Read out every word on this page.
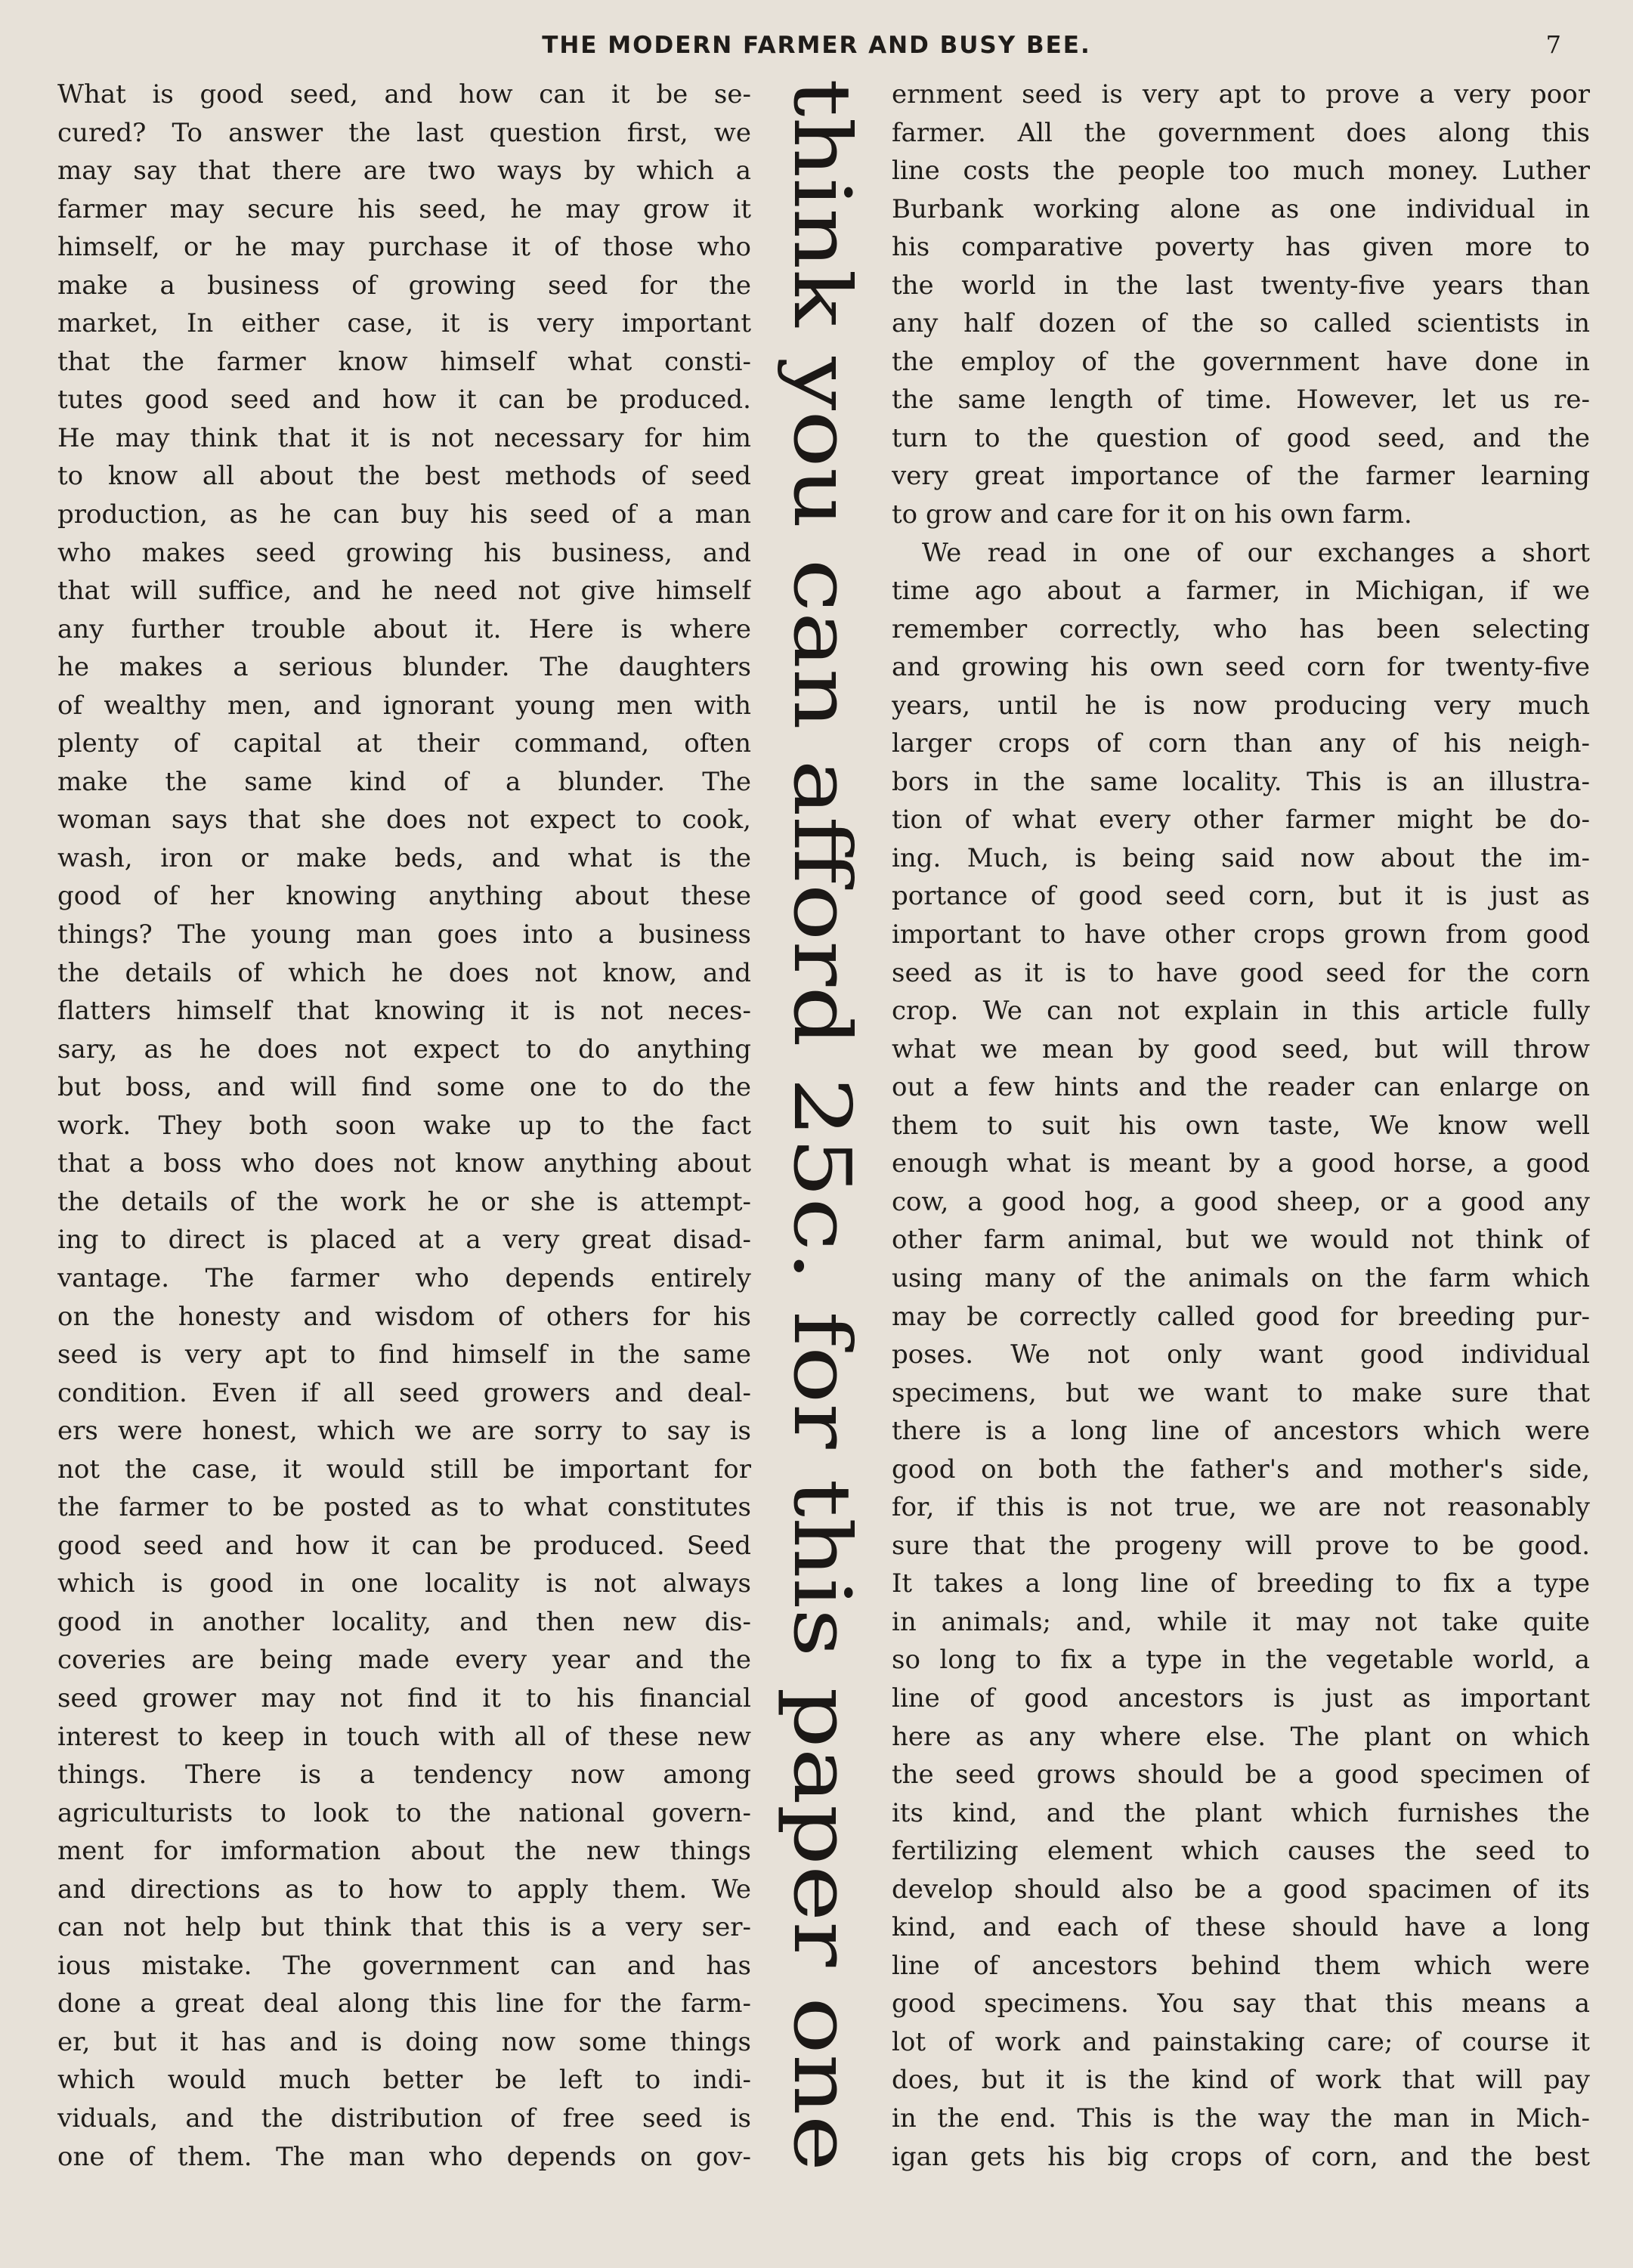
THE MODERN FARMER AND BUSY BEE.	7
What is good seed, and how can it be se-
cured? To answer the last question first, we
may say that there are two ways by which a
farmer may secure his seed, he may grow it
himself, or he may purchase it of those who
make a business of growing seed for the
market, In either case, it is very important
that the farmer know himself what consti-
tutes good seed and how it can be produced.
He may think that it is not necessary for him
to know all about the best methods of seed
production, as he can buy his seed of a man
who makes seed growing his business, and
that will suffice, and he need not give himself
any further trouble about it. Here is where
he makes a serious blunder. The daughters
of wealthy men, and ignorant young men with
plenty of capital at their command, often
make the same kind of a blunder. The
woman says that she does not expect to cook,
wash, iron or make beds, and what is the
good of her knowing anything about these
things? The young man goes into a business
the details of which he does not know, and
flatters himself that knowing it is not neces-
sary, as he does not expect to do anything
but boss, and will find some one to do the
work. They both soon wake up to the fact
that a boss who does not know anything about
the details of the work he or she is attempt-
ing to direct is placed at a very great disad-
vantage. The farmer who depends entirely
on the honesty and wisdom of others for his
seed is very apt to find himself in the same
condition. Even if all seed growers and deal-
ers were honest, which we are sorry to say is
not the case, it would still be important for
the farmer to be posted as to what constitutes
good seed and how it can be produced. Seed
which is good in one locality is not always
good in another locality, and then new dis-
coveries are being made every year and the
seed grower may not find it to his financial
interest to keep in touch with all of these new
things. There is a tendency now among
agriculturists to look to the national govern-
ment for imformation about the new things
and directions as to how to apply them. We
can not help but think that this is a very ser-
ious mistake. The government can and has
done a great deal along this line for the farm-
er, but it has and is doing now some things
which would much better be left to indi-
viduals, and the distribution of free seed is
one of them. The man who depends on gov-
think you can afford 25c. for this paper one ernment seed is very apt to prove a very poor
farmer. All the government does along this
line costs the people too much money. Luther
Burbank working alone as one individual in
his comparative poverty has given more to
the world in the last twenty-five years than
any half dozen of the so called scientists in
the employ of the government have done in
the same length of time. However, let us re-
turn to the question of good seed, and the
very great importance of the farmer learning
to grow and care for it on his own farm.
We read in one of our exchanges a short
time ago about a farmer, in Michigan, if we
remember correctly, who has been selecting
and growing his own seed corn for twenty-five
years, until he is now producing very much
larger crops of corn than any of his neigh-
bors in the same locality. This is an illustra-
tion of what every other farmer might be do-
ing. Much, is being said now about the im-
portance of good seed corn, but it is just as
important to have other crops grown from good
seed as it is to have good seed for the corn
crop. We can not explain in this article fully
what we mean by good seed, but will throw
out a few hints and the reader can enlarge on
them to suit his own taste, We know well
enough what is meant by a good horse, a good
cow, a good hog, a good sheep, or a good any
other farm animal, but we would not think of
using many of the animals on the farm which
may be correctly called good for breeding pur-
poses. We not only want good individual
specimens, but we want to make sure that
there is a long line of ancestors which were
good on both the father's and mother's side,
for, if this is not true, we are not reasonably
sure that the progeny will prove to be good.
It takes a long line of breeding to fix a type
in animals; and, while it may not take quite
so long to fix a type in the vegetable world, a
line of good ancestors is just as important
here as any where else. The plant on which
the seed grows should be a good specimen of
its kind, and the plant which furnishes the
fertilizing element which causes the seed to
develop should also be a good spacimen of its
kind, and each of these should have a long
line of ancestors behind them which were
good specimens. You say that this means a
lot of work and painstaking care; of course it
does, but it is the kind of work that will pay
in the end. This is the way the man in Mich-
igan gets his big crops of corn, and the best
